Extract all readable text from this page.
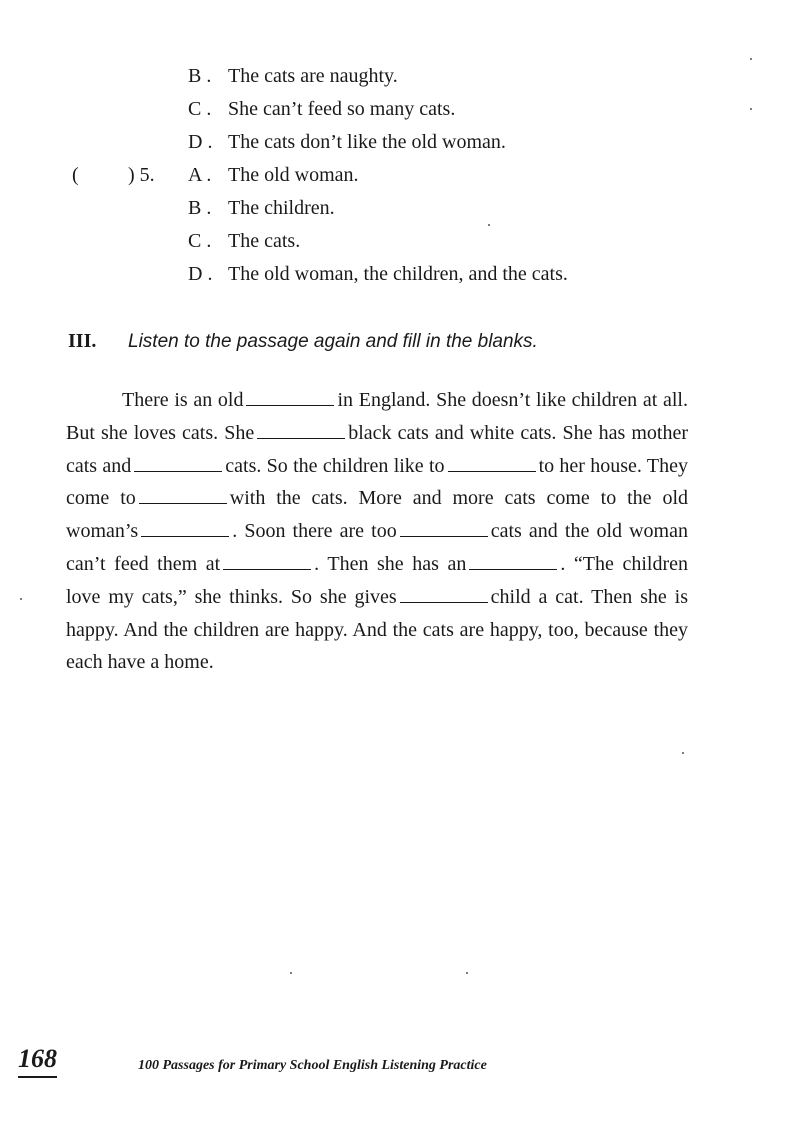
B . The cats are naughty.
C . She can’t feed so many cats.
D . The cats don’t like the old woman.
( ) 5. A . The old woman.
B . The children.
C . The cats.
D . The old woman, the children, and the cats.
III. Listen to the passage again and fill in the blanks.
There is an old	in England. She doesn’t like children at all. But she loves cats. She	black cats and white cats. She has mother cats and	cats. So the children like to	to her house. They come to	with the cats. More and more cats come to the old woman’s	. Soon there are too	cats and the old woman can’t feed them at	. Then she has an	. “The children love my cats,” she thinks. So she gives	child a cat. Then she is happy. And the children are happy. And the cats are happy, too, because they each have a home.
168	100 Passages for Primary School English Listening Practice
